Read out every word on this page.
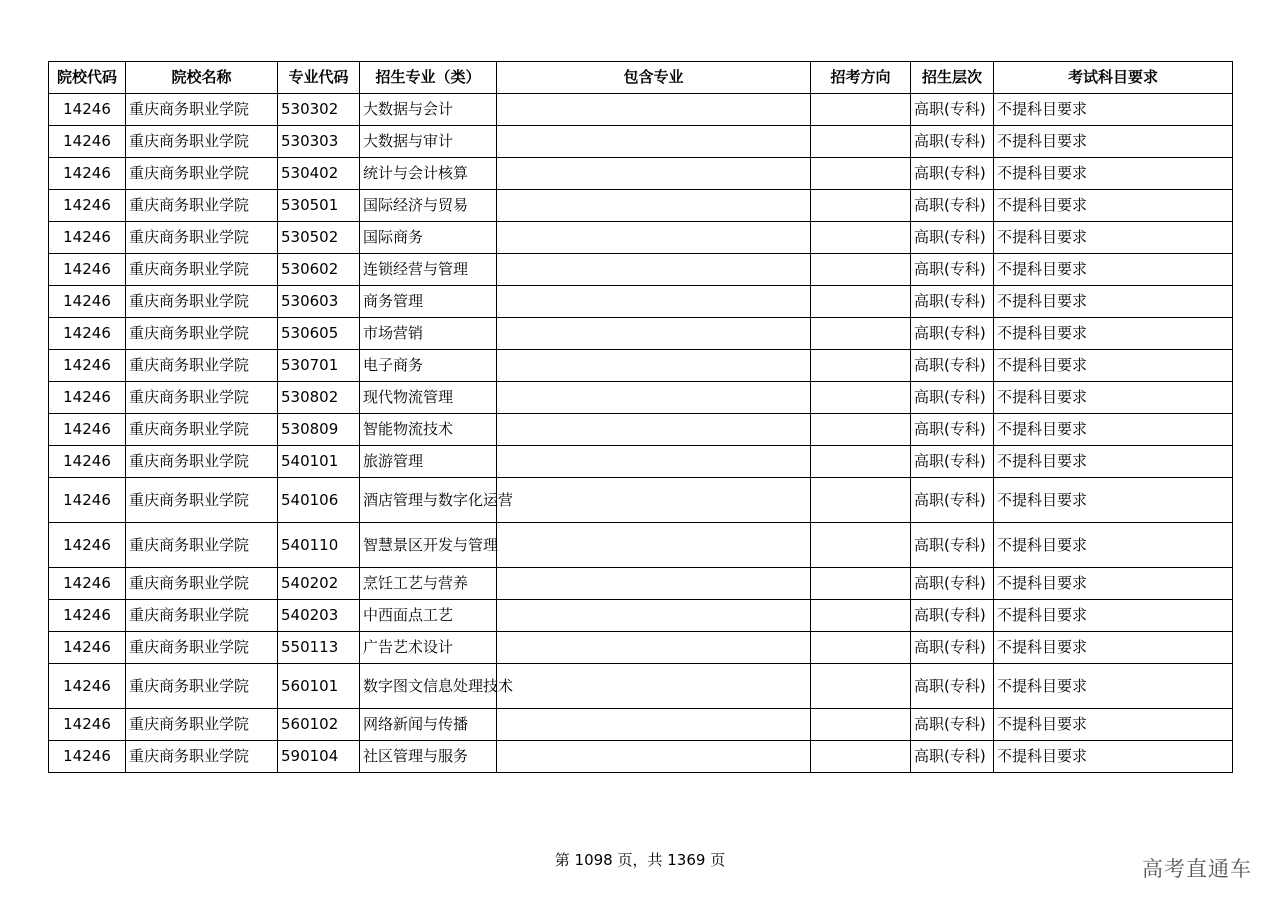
院校代码	院校名称	专业代码	招生专业（类）	包含专业	招考方向	招生层次	考试科目要求
14246	重庆商务职业学院	530302	大数据与会计			高职(专科)	不提科目要求
14246	重庆商务职业学院	530303	大数据与审计			高职(专科)	不提科目要求
14246	重庆商务职业学院	530402	统计与会计核算			高职(专科)	不提科目要求
14246	重庆商务职业学院	530501	国际经济与贸易			高职(专科)	不提科目要求
14246	重庆商务职业学院	530502	国际商务			高职(专科)	不提科目要求
14246	重庆商务职业学院	530602	连锁经营与管理			高职(专科)	不提科目要求
14246	重庆商务职业学院	530603	商务管理			高职(专科)	不提科目要求
14246	重庆商务职业学院	530605	市场营销			高职(专科)	不提科目要求
14246	重庆商务职业学院	530701	电子商务			高职(专科)	不提科目要求
14246	重庆商务职业学院	530802	现代物流管理			高职(专科)	不提科目要求
14246	重庆商务职业学院	530809	智能物流技术			高职(专科)	不提科目要求
14246	重庆商务职业学院	540101	旅游管理			高职(专科)	不提科目要求
14246	重庆商务职业学院	540106	酒店管理与数字化运营			高职(专科)	不提科目要求
14246	重庆商务职业学院	540110	智慧景区开发与管理			高职(专科)	不提科目要求
14246	重庆商务职业学院	540202	烹饪工艺与营养			高职(专科)	不提科目要求
14246	重庆商务职业学院	540203	中西面点工艺			高职(专科)	不提科目要求
14246	重庆商务职业学院	550113	广告艺术设计			高职(专科)	不提科目要求
14246	重庆商务职业学院	560101	数字图文信息处理技术			高职(专科)	不提科目要求
14246	重庆商务职业学院	560102	网络新闻与传播			高职(专科)	不提科目要求
14246	重庆商务职业学院	590104	社区管理与服务			高职(专科)	不提科目要求
第 1098 页，共 1369 页	高考直通车
